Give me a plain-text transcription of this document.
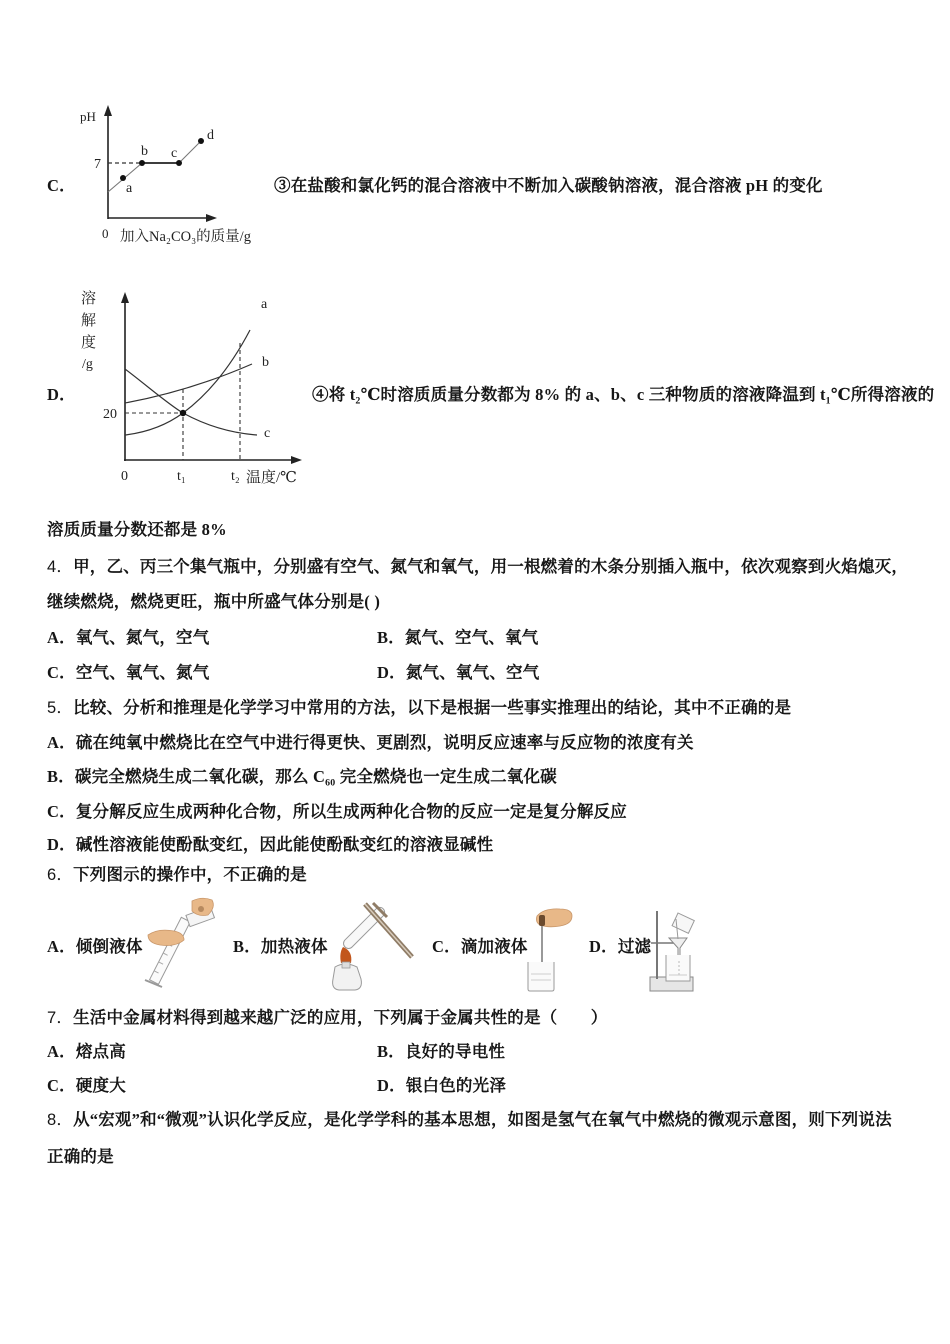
C．
pH
7
0 加入Na₂CO₃的质量/g
a
b c
d
③在盐酸和氯化钙的混合溶液中不断加入碳酸钠溶液，混合溶液 pH 的变化
D．
溶
解
度
/g
a
b
c
20
0	t₁	t₂ 温度/℃
④将 t₂℃时溶质质量分数都为 8% 的 a、b、c 三种物质的溶液降温到 t₁℃所得溶液的
溶质质量分数还都是 8%
4．甲，乙、丙三个集气瓶中，分别盛有空气、氮气和氧气，用一根燃着的木条分别插入瓶中，依次观察到火焰熄灭，
继续燃烧，燃烧更旺，瓶中所盛气体分别是( )
A．氧气、氮气，空气	B．氮气、空气、氧气
C．空气、氧气、氮气	D．氮气、氧气、空气
5．比较、分析和推理是化学学习中常用的方法，以下是根据一些事实推理出的结论，其中不正确的是
A．硫在纯氧中燃烧比在空气中进行得更快、更剧烈，说明反应速率与反应物的浓度有关
B．碳完全燃烧生成二氧化碳，那么 C₆₀ 完全燃烧也一定生成二氧化碳
C．复分解反应生成两种化合物，所以生成两种化合物的反应一定是复分解反应
D．碱性溶液能使酚酞变红，因此能使酚酞变红的溶液显碱性
6．下列图示的操作中，不正确的是
A．倾倒液体	B．加热液体	C．滴加液体	D．过滤
7．生活中金属材料得到越来越广泛的应用，下列属于金属共性的是（　　）
A．熔点高	B．良好的导电性
C．硬度大	D．银白色的光泽
8．从“宏观”和“微观”认识化学反应，是化学学科的基本思想，如图是氢气在氧气中燃烧的微观示意图，则下列说法
正确的是
